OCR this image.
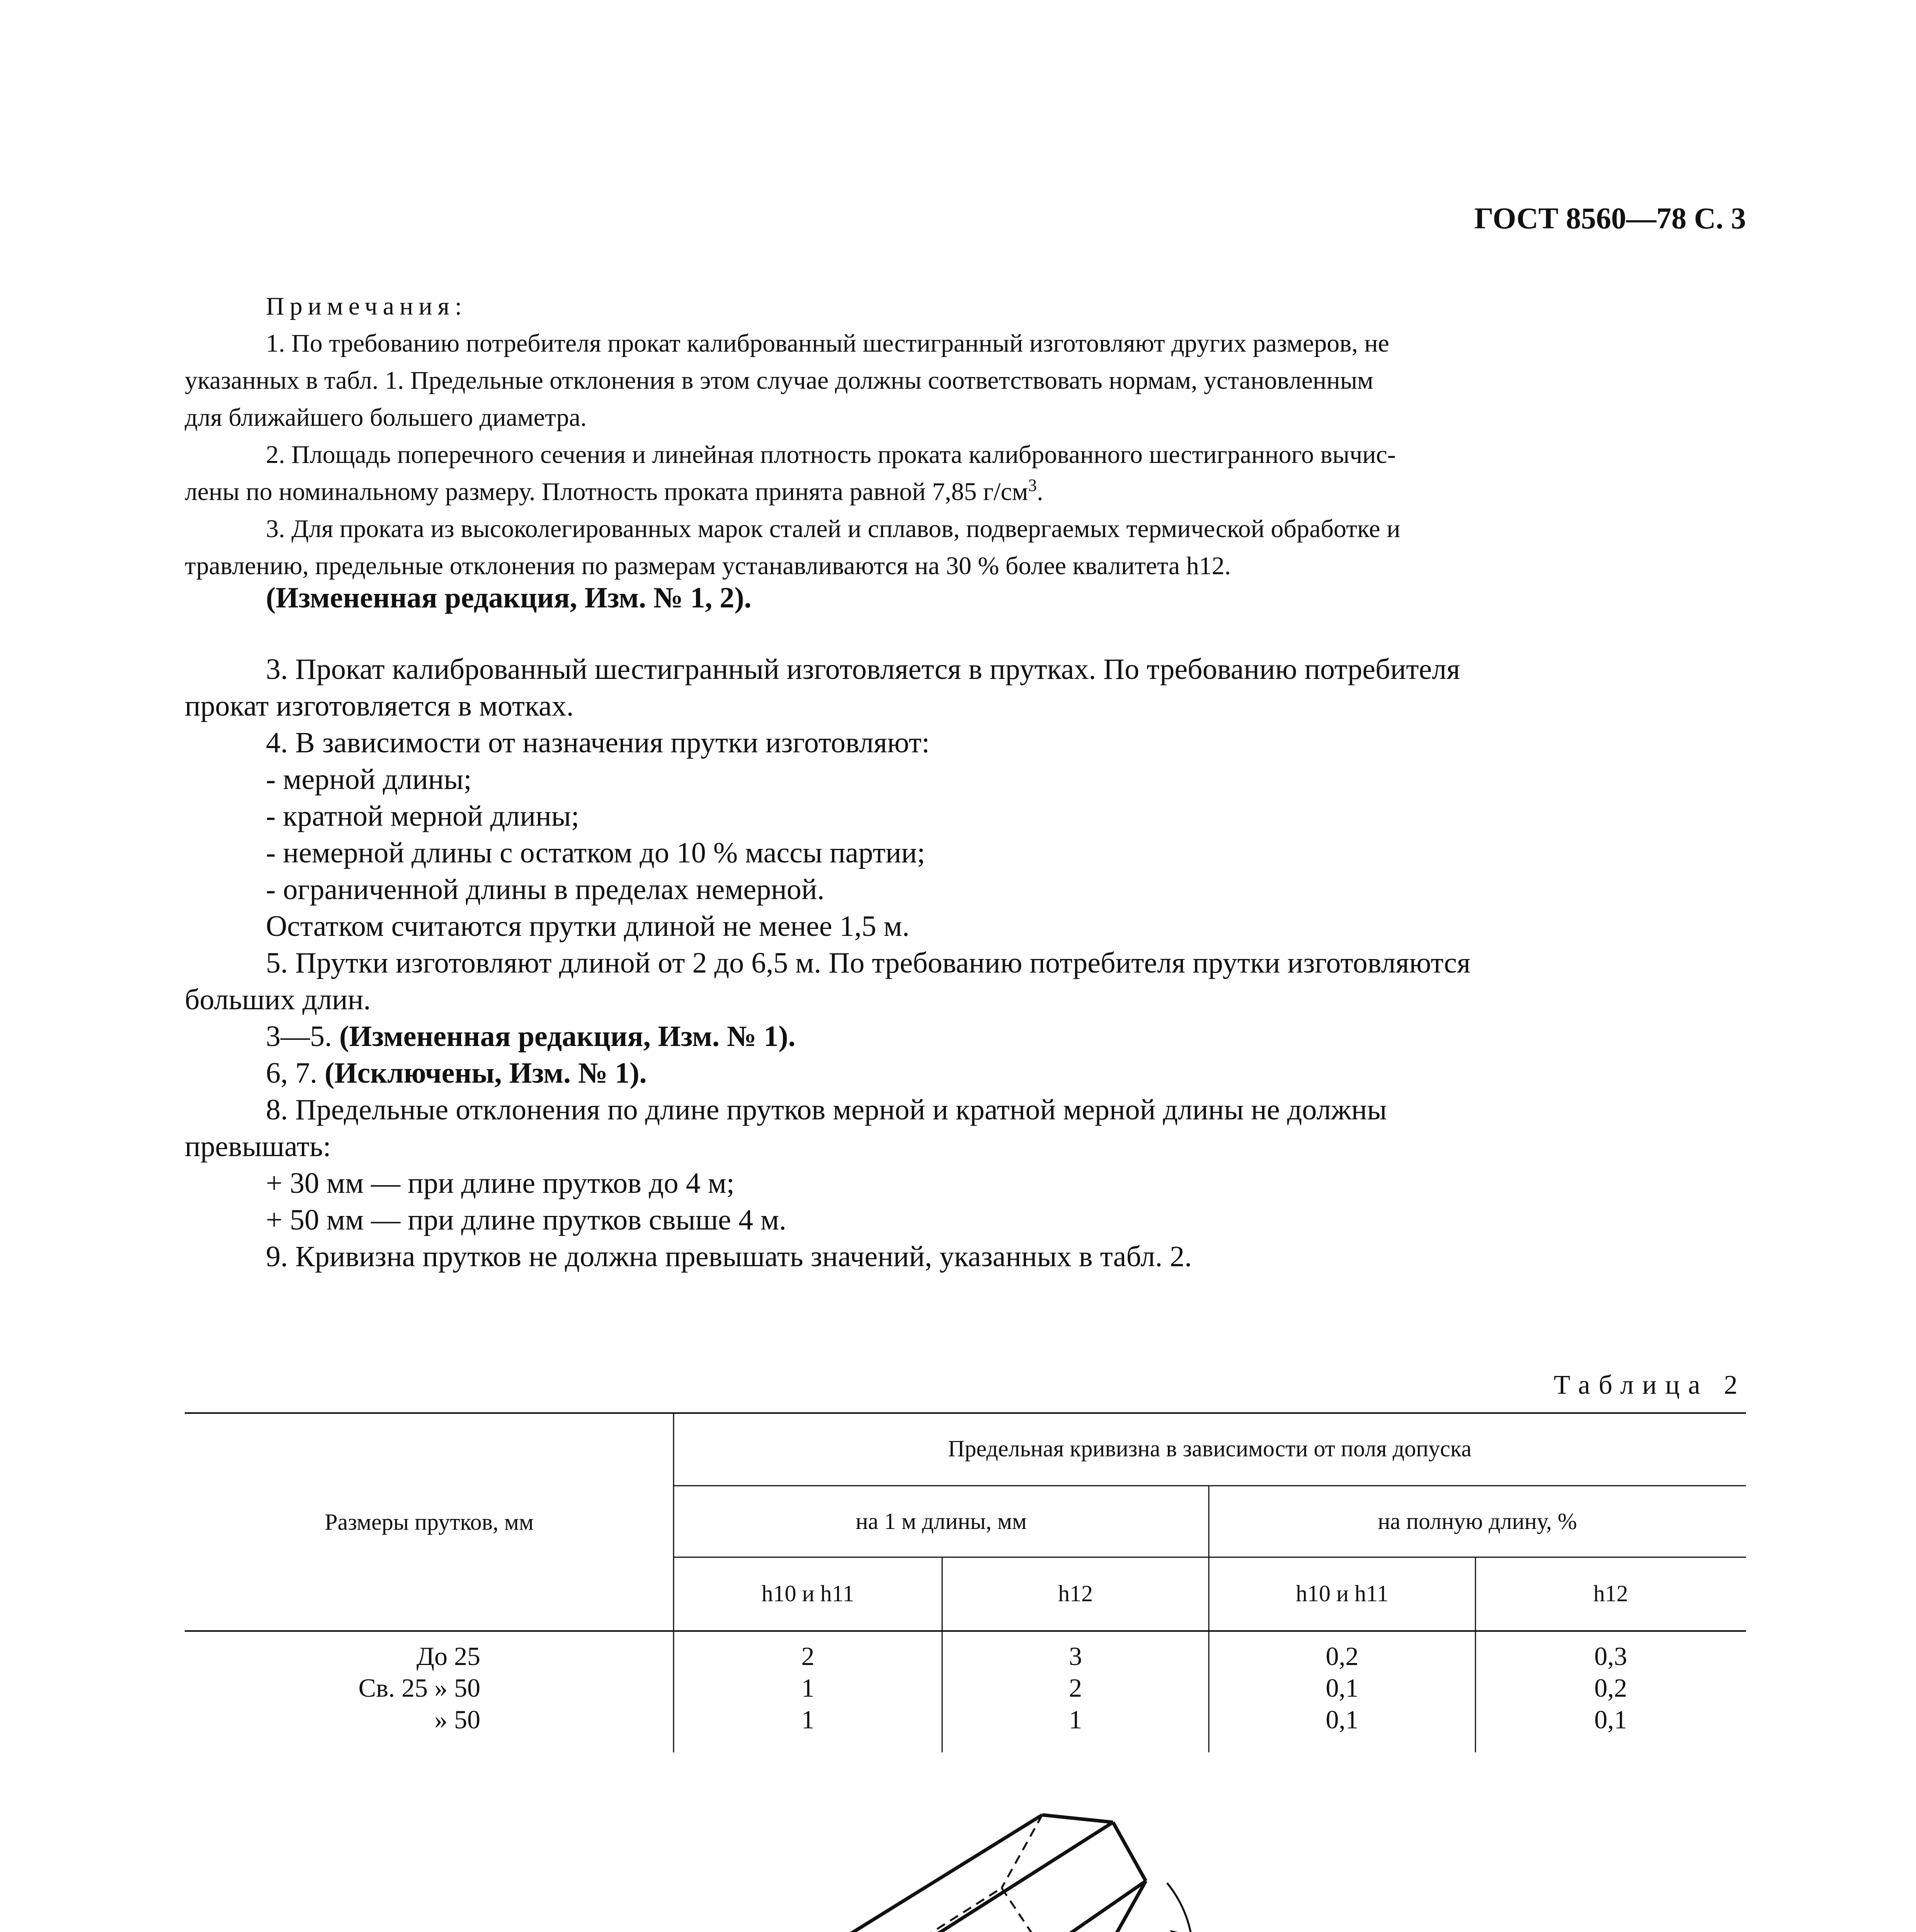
ГОСТ 8560—78 С. 3
Примечания:
1. По требованию потребителя прокат калиброванный шестигранный изготовляют других размеров, не
указанных в табл. 1. Предельные отклонения в этом случае должны соответствовать нормам, установленным
для ближайшего большего диаметра.
2. Площадь поперечного сечения и линейная плотность проката калиброванного шестигранного вычис-
лены по номинальному размеру. Плотность проката принята равной 7,85 $г/см^3$.
3. Для проката из высоколегированных марок сталей и сплавов, подвергаемых термической обработке и
травлению, предельные отклонения по размерам устанавливаются на 30 % более квалитета h12.
(Измененная редакция, Изм. № 1, 2).
3. Прокат калиброванный шестигранный изготовляется в прутках. По требованию потребителя
прокат изготовляется в мотках.
4. В зависимости от назначения прутки изготовляют:
- мерной длины;
- кратной мерной длины;
- немерной длины с остатком до 10 % массы партии;
- ограниченной длины в пределах немерной.
Остатком считаются прутки длиной не менее 1,5 м.
5. Прутки изготовляют длиной от 2 до 6,5 м. По требованию потребителя прутки изготовляются
больших длин.
3—5. (Измененная редакция, Изм. № 1).
6, 7. (Исключены, Изм. № 1).
8. Предельные отклонения по длине прутков мерной и кратной мерной длины не должны
превышать:
+ 30 мм — при длине прутков до 4 м;
+ 50 мм — при длине прутков свыше 4 м.
9. Кривизна прутков не должна превышать значений, указанных в табл. 2.
Таблица 2
Размеры прутков, мм
Предельная кривизна в зависимости от поля допуска
на 1 м длины, мм	на полную длину, %
h10 и h11	h12	h10 и h11	h12
До 25	2	3	0,2	0,3
Св. 25 » 50	1	2	0,1	0,2
» 50	1	1	0,1	0,1
